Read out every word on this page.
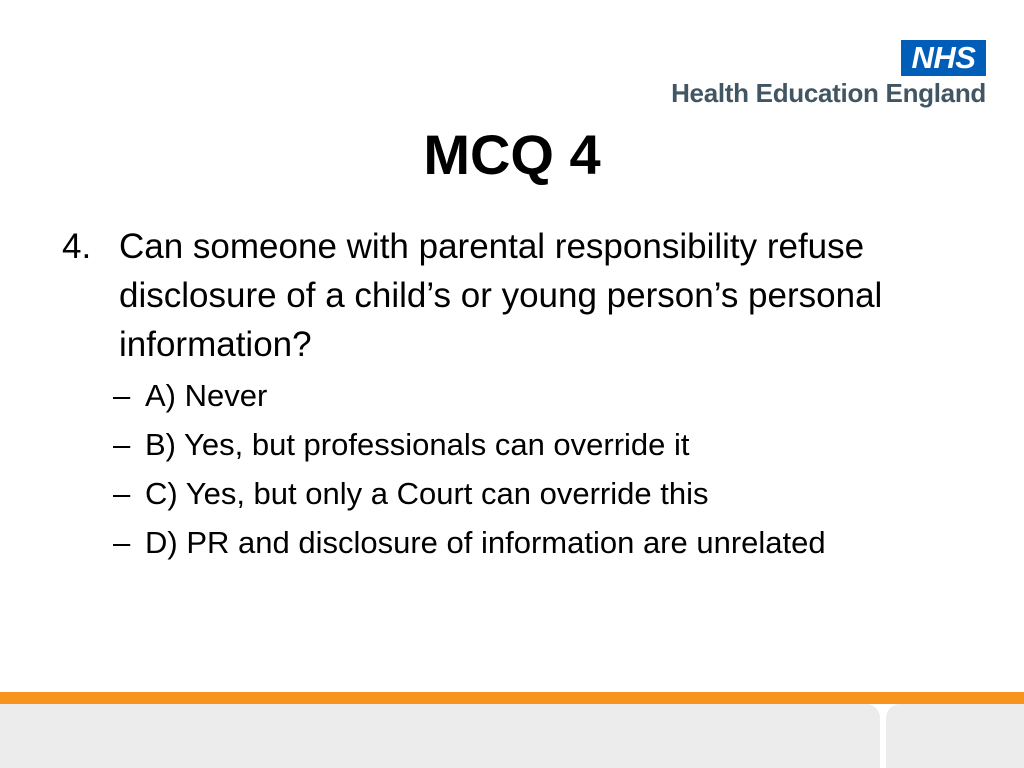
NHS
Health Education England
MCQ 4
4. Can someone with parental responsibility refuse disclosure of a child’s or young person’s personal information?
– A) Never
– B) Yes, but professionals can override it
– C) Yes, but only a Court can override this
– D) PR and disclosure of information are unrelated
